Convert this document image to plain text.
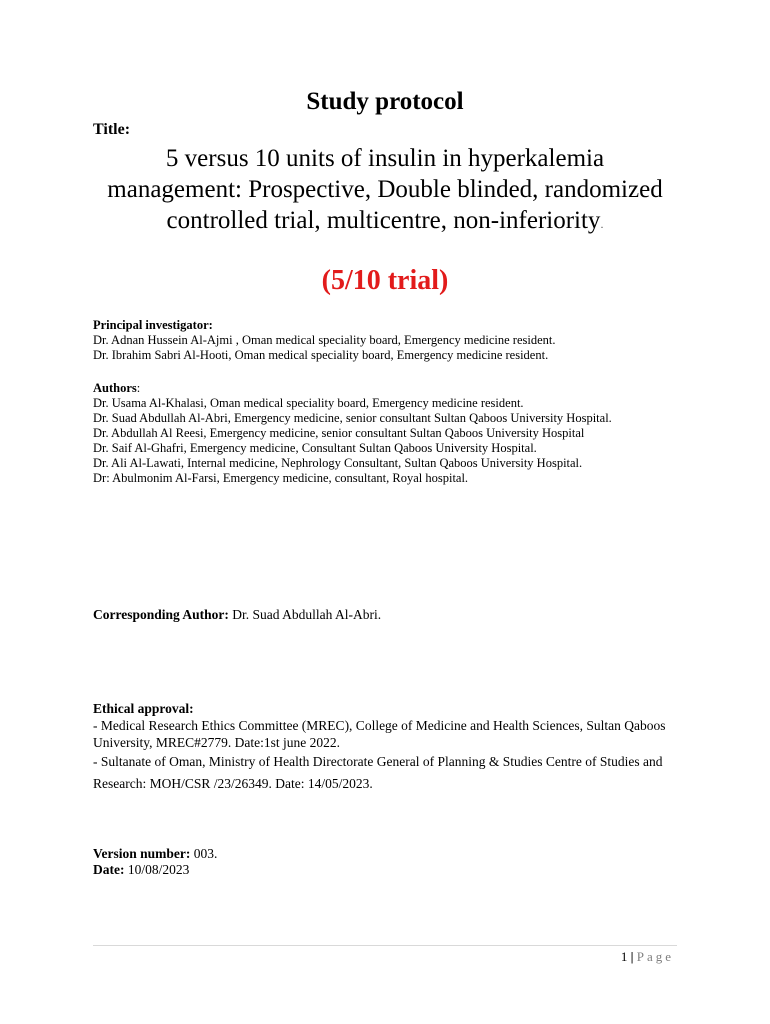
Study protocol
Title:

5 versus 10 units of insulin in hyperkalemia management: Prospective, Double blinded, randomized controlled trial, multicentre, non-inferiority.

(5/10 trial)
Principal investigator:
Dr. Adnan Hussein Al-Ajmi , Oman medical speciality board, Emergency medicine resident.
Dr. Ibrahim Sabri Al-Hooti, Oman medical speciality board, Emergency medicine resident.
Authors:
Dr. Usama Al-Khalasi, Oman medical speciality board, Emergency medicine resident.
Dr. Suad Abdullah Al-Abri, Emergency medicine, senior consultant Sultan Qaboos University Hospital.
Dr. Abdullah Al Reesi, Emergency medicine, senior consultant Sultan Qaboos University Hospital
Dr. Saif Al-Ghafri, Emergency medicine, Consultant Sultan Qaboos University Hospital.
Dr. Ali Al-Lawati, Internal medicine, Nephrology Consultant, Sultan Qaboos University Hospital.
Dr: Abulmonim Al-Farsi, Emergency medicine, consultant, Royal hospital.
Corresponding Author: Dr. Suad Abdullah Al-Abri.
Ethical approval:
- Medical Research Ethics Committee (MREC), College of Medicine and Health Sciences, Sultan Qaboos University, MREC#2779. Date:1st june 2022.
- Sultanate of Oman, Ministry of Health Directorate General of Planning & Studies Centre of Studies and Research: MOH/CSR /23/26349. Date: 14/05/2023.
Version number: 003.
Date: 10/08/2023
1 | Page
